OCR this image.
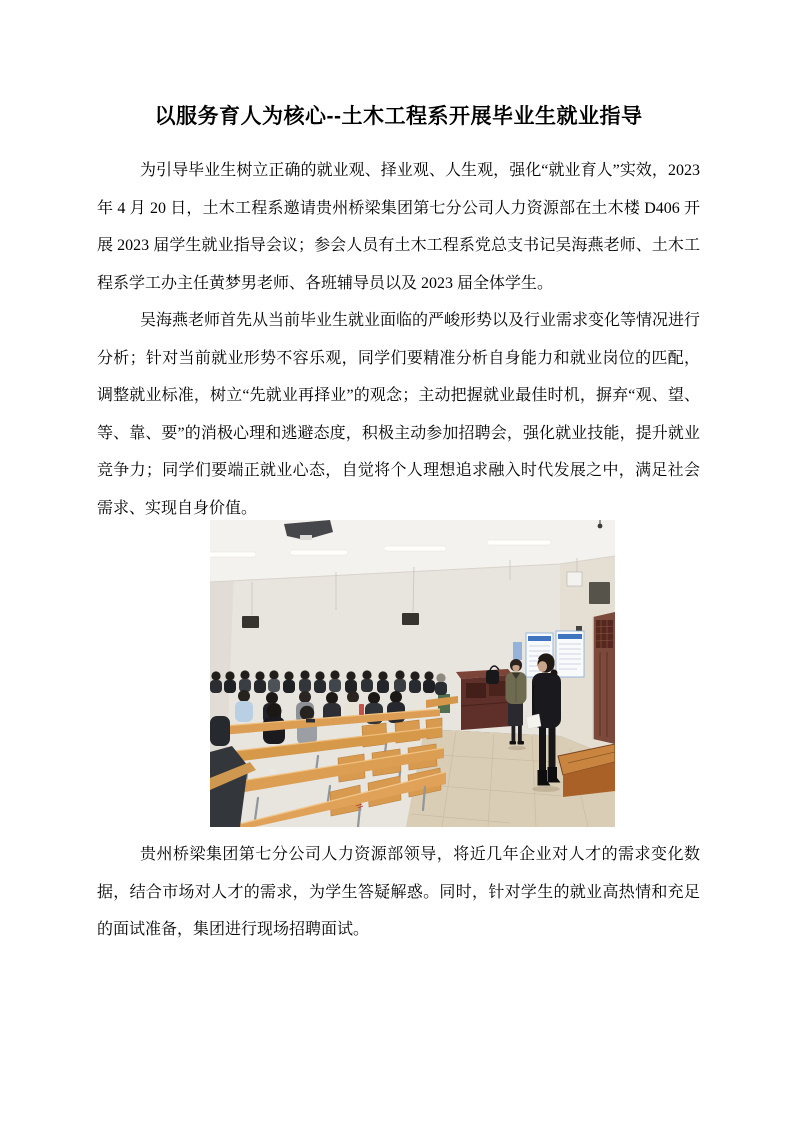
以服务育人为核心--土木工程系开展毕业生就业指导

为引导毕业生树立正确的就业观、择业观、人生观，强化“就业育人”实效，2023 年 4 月 20 日，土木工程系邀请贵州桥梁集团第七分公司人力资源部在土木楼 D406 开展 2023 届学生就业指导会议；参会人员有土木工程系党总支书记吴海燕老师、土木工程系学工办主任黄梦男老师、各班辅导员以及 2023 届全体学生。

吴海燕老师首先从当前毕业生就业面临的严峻形势以及行业需求变化等情况进行分析；针对当前就业形势不容乐观，同学们要精准分析自身能力和就业岗位的匹配，调整就业标准，树立“先就业再择业”的观念；主动把握就业最佳时机，摒弃“观、望、等、靠、要”的消极心理和逃避态度，积极主动参加招聘会，强化就业技能，提升就业竞争力；同学们要端正就业心态，自觉将个人理想追求融入时代发展之中，满足社会需求、实现自身价值。

贵州桥梁集团第七分公司人力资源部领导，将近几年企业对人才的需求变化数据，结合市场对人才的需求，为学生答疑解惑。同时，针对学生的就业高热情和充足的面试准备，集团进行现场招聘面试。
